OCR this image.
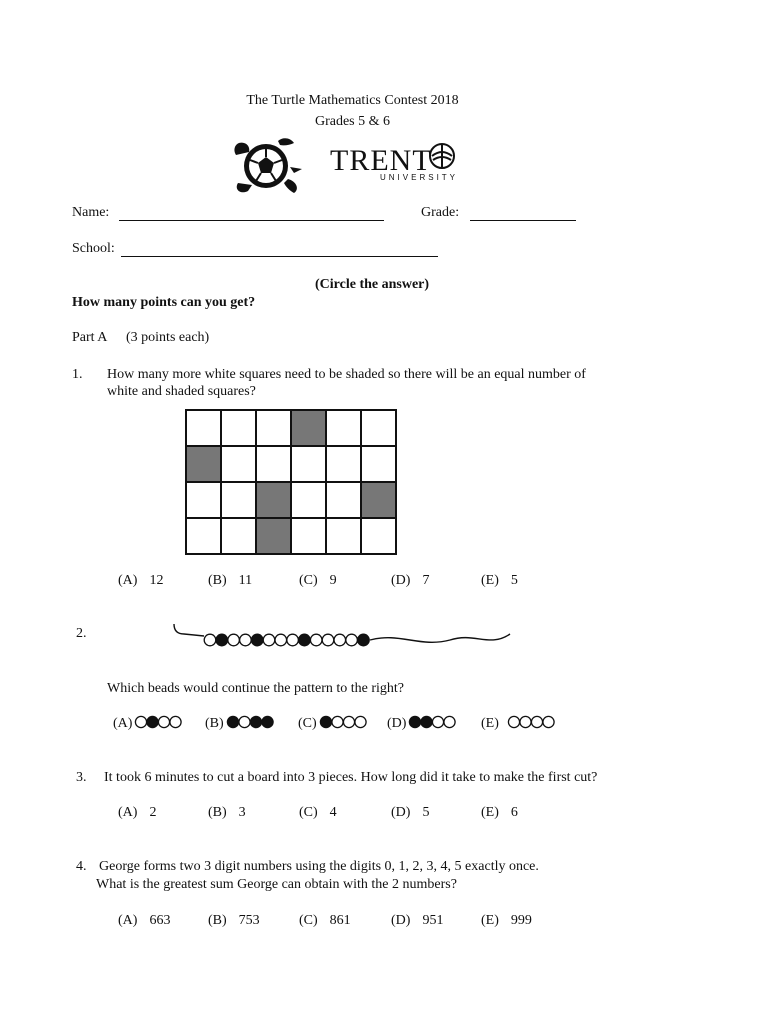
The Turtle Mathematics Contest 2018
Grades 5 & 6
TRENT
UNIVERSITY
Name:	Grade:
School:
(Circle the answer)
How many points can you get?
Part A (3 points each)
1. How many more white squares need to be shaded so there will be an equal number of
white and shaded squares?

(A) 12	(B) 11	(C) 9	(D) 7	(E) 5
2.
Which beads would continue the pattern to the right?
(A)	(B)	(C)	(D)	(E)
3. It took 6 minutes to cut a board into 3 pieces. How long did it take to make the first cut?
(A) 2	(B) 3	(C) 4	(D) 5	(E) 6
4. George forms two 3 digit numbers using the digits 0, 1, 2, 3, 4, 5 exactly once.
What is the greatest sum George can obtain with the 2 numbers?
(A) 663	(B) 753	(C) 861	(D) 951	(E) 999
